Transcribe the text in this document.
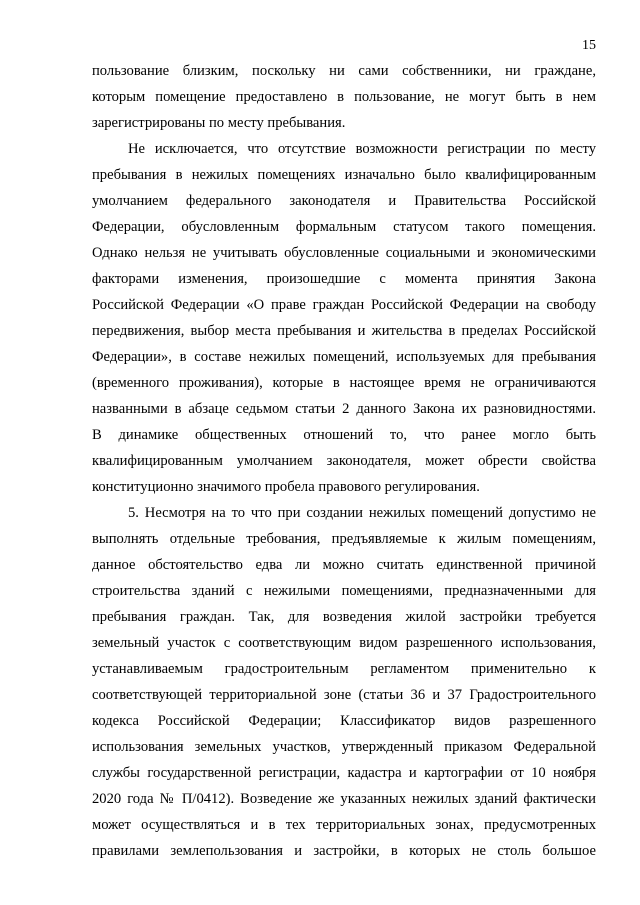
15
пользование близким, поскольку ни сами собственники, ни граждане,
которым помещение предоставлено в пользование, не могут быть в нем
зарегистрированы по месту пребывания.
Не исключается, что отсутствие возможности регистрации по месту
пребывания в нежилых помещениях изначально было квалифицированным
умолчанием федерального законодателя и Правительства Российской
Федерации, обусловленным формальным статусом такого помещения.
Однако нельзя не учитывать обусловленные социальными и экономическими
факторами изменения, произошедшие с момента принятия Закона
Российской Федерации «О праве граждан Российской Федерации на свободу
передвижения, выбор места пребывания и жительства в пределах Российской
Федерации», в составе нежилых помещений, используемых для пребывания
(временного проживания), которые в настоящее время не ограничиваются
названными в абзаце седьмом статьи 2 данного Закона их разновидностями.
В динамике общественных отношений то, что ранее могло быть
квалифицированным умолчанием законодателя, может обрести свойства
конституционно значимого пробела правового регулирования.
5. Несмотря на то что при создании нежилых помещений допустимо не
выполнять отдельные требования, предъявляемые к жилым помещениям,
данное обстоятельство едва ли можно считать единственной причиной
строительства зданий с нежилыми помещениями, предназначенными для
пребывания граждан. Так, для возведения жилой застройки требуется
земельный участок с соответствующим видом разрешенного использования,
устанавливаемым градостроительным регламентом применительно к
соответствующей территориальной зоне (статьи 36 и 37 Градостроительного
кодекса Российской Федерации; Классификатор видов разрешенного
использования земельных участков, утвержденный приказом Федеральной
службы государственной регистрации, кадастра и картографии от 10 ноября
2020 года № П/0412). Возведение же указанных нежилых зданий фактически
может осуществляться и в тех территориальных зонах, предусмотренных
правилами землепользования и застройки, в которых не столь большое
